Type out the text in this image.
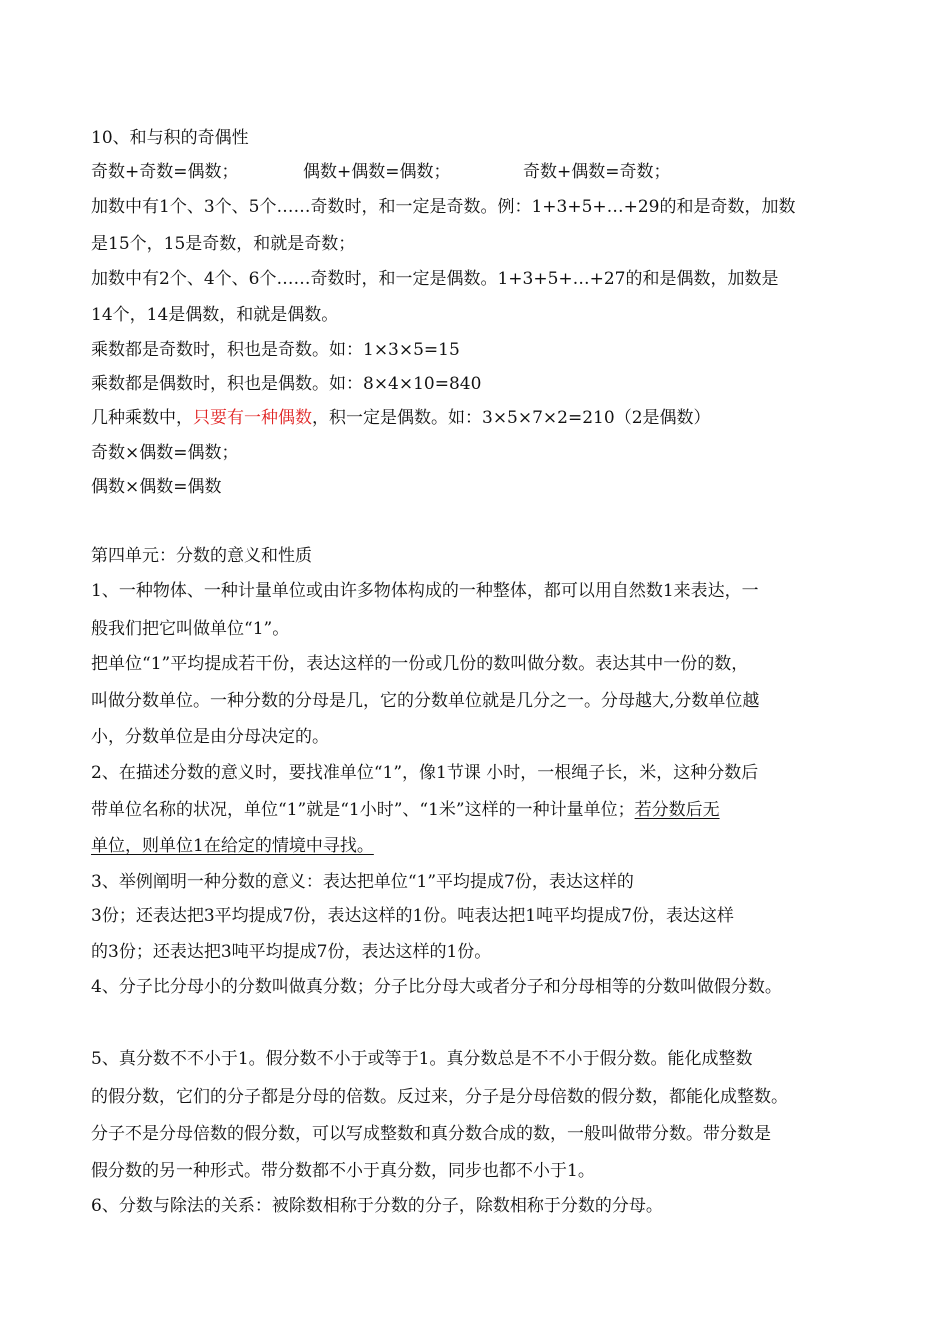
10、和与积的奇偶性
奇数+奇数=偶数；	偶数+偶数=偶数；	奇数+偶数=奇数；
加数中有1个、3个、5个……奇数时，和一定是奇数。例：1+3+5+…+29的和是奇数，加数
是15个，15是奇数，和就是奇数；
加数中有2个、4个、6个……奇数时，和一定是偶数。1+3+5+…+27的和是偶数，加数是
14个，14是偶数，和就是偶数。
乘数都是奇数时，积也是奇数。如：1×3×5=15
乘数都是偶数时，积也是偶数。如：8×4×10=840
几种乘数中，只要有一种偶数，积一定是偶数。如：3×5×7×2=210（2是偶数）
奇数×偶数=偶数；
偶数×偶数=偶数
第四单元：分数的意义和性质
1、一种物体、一种计量单位或由许多物体构成的一种整体，都可以用自然数1来表达，一
般我们把它叫做单位“1”。
把单位“1”平均提成若干份，表达这样的一份或几份的数叫做分数。表达其中一份的数，
叫做分数单位。一种分数的分母是几，它的分数单位就是几分之一。分母越大,分数单位越
小，分数单位是由分母决定的。
2、在描述分数的意义时，要找准单位“1”，像1节课 小时，一根绳子长，米，这种分数后
带单位名称的状况，单位“1”就是“1小时”、“1米”这样的一种计量单位；若分数后无
单位，则单位1在给定的情境中寻找。
3、举例阐明一种分数的意义：表达把单位“1”平均提成7份，表达这样的
3份；还表达把3平均提成7份，表达这样的1份。吨表达把1吨平均提成7份，表达这样
的3份；还表达把3吨平均提成7份，表达这样的1份。
4、分子比分母小的分数叫做真分数；分子比分母大或者分子和分母相等的分数叫做假分数。
5、真分数不不小于1。假分数不小于或等于1。真分数总是不不小于假分数。能化成整数
的假分数，它们的分子都是分母的倍数。反过来，分子是分母倍数的假分数，都能化成整数。
分子不是分母倍数的假分数，可以写成整数和真分数合成的数，一般叫做带分数。带分数是
假分数的另一种形式。带分数都不小于真分数，同步也都不小于1。
6、分数与除法的关系：被除数相称于分数的分子，除数相称于分数的分母。
